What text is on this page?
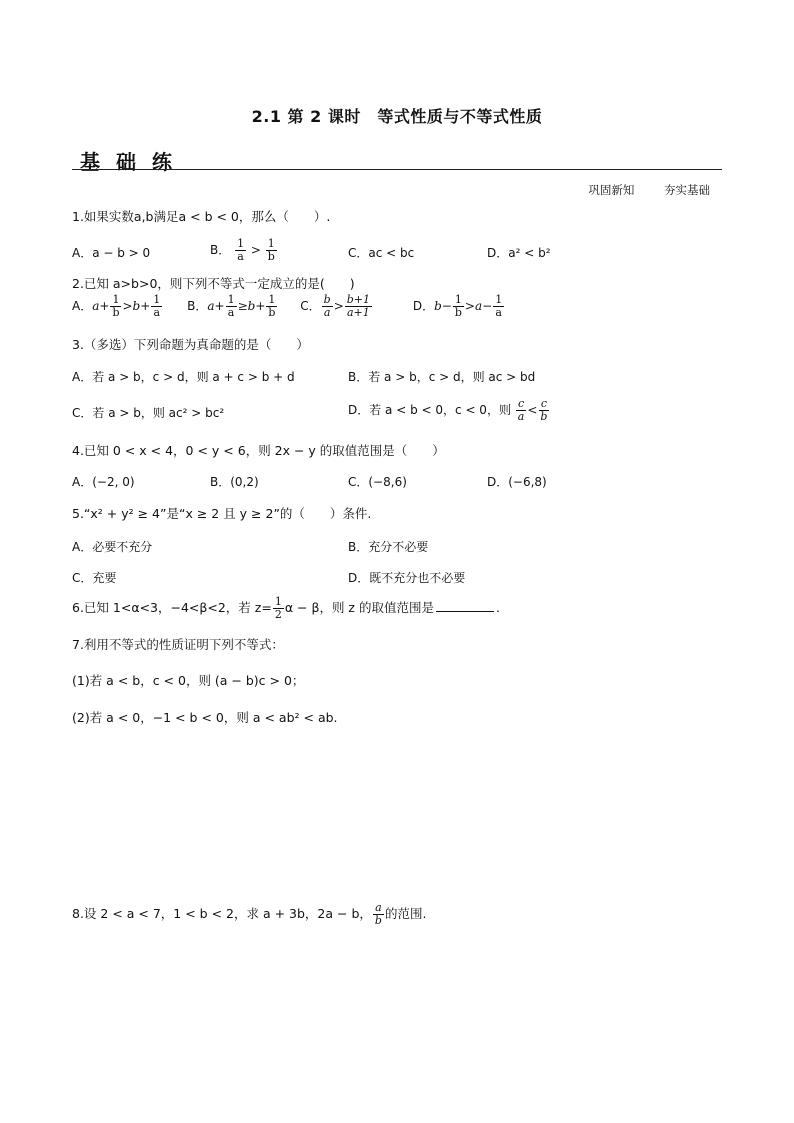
2.1 第 2 课时　等式性质与不等式性质
基础练
巩固新知	夯实基础
1.如果实数a,b满足a < b < 0，那么（　　）.
A．a − b > 0	B． $\frac{1}{a} > \frac{1}{b}$	C．ac < bc	D．a² < b²
2.已知 a>b>0，则下列不等式一定成立的是(　　)
A．$a+ \frac{1}{b} >b+ \frac{1}{a}$ B．$a+ \frac{1}{a} \ge b+ \frac{1}{b}$ C． $\frac{b}{a} > \frac{b+1}{a+1}$	D．$b- \frac{1}{b} >a- \frac{1}{a}$
3.（多选）下列命题为真命题的是（　　）
A．若 a > b，c > d，则 a + c > b + d	B．若 a > b，c > d，则 ac > bd
C．若 a > b，则 ac² > bc²	D．若 a < b < 0，c < 0，则 $\frac{c}{a} < \frac{c}{b}$
4.已知 0 < x < 4，0 < y < 6，则 2x − y 的取值范围是（　　）
A．(−2, 0)	B．(0,2)	C．(−8,6)	D．(−6,8)
5.“x² + y² ≥ 4”是“x ≥ 2 且 y ≥ 2”的（　　）条件.
A．必要不充分	B．充分不必要
C．充要	D．既不充分也不必要
6.已知 1<α<3，−4<β<2，若 $z= \frac{1}{2}$ α − β，则 z 的取值范围是	.
7.利用不等式的性质证明下列不等式：
(1)若 a < b，c < 0，则 (a − b)c > 0；
(2)若 a < 0，−1 < b < 0，则 a < ab² < ab.
8.设 2 < a < 7，1 < b < 2，求 a + 3b，2a − b， $\frac{a}{b}$ 的范围.
